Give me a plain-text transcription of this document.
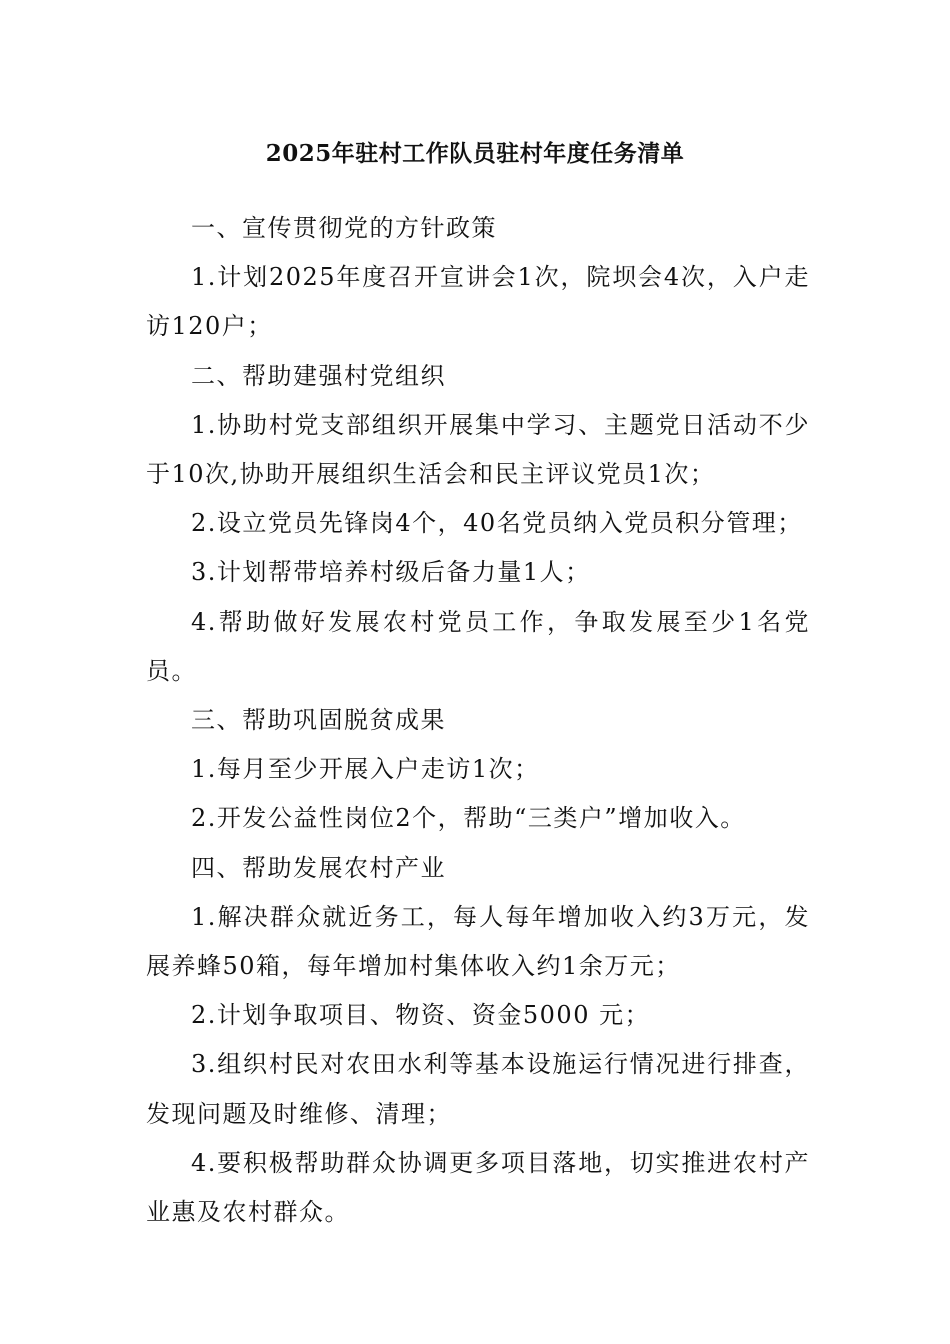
2025年驻村工作队员驻村年度任务清单

一、宣传贯彻党的方针政策

1.计划2025年度召开宣讲会1次，院坝会4次，入户走访120户；

二、帮助建强村党组织

1.协助村党支部组织开展集中学习、主题党日活动不少于10次,协助开展组织生活会和民主评议党员1次；

2.设立党员先锋岗4个，40名党员纳入党员积分管理；

3.计划帮带培养村级后备力量1人；

4.帮助做好发展农村党员工作，争取发展至少1名党员。

三、帮助巩固脱贫成果

1.每月至少开展入户走访1次；

2.开发公益性岗位2个，帮助“三类户”增加收入。

四、帮助发展农村产业

1.解决群众就近务工，每人每年增加收入约3万元，发展养蜂50箱，每年增加村集体收入约1余万元；

2.计划争取项目、物资、资金5000 元；

3.组织村民对农田水利等基本设施运行情况进行排查，发现问题及时维修、清理；

4.要积极帮助群众协调更多项目落地，切实推进农村产业惠及农村群众。
